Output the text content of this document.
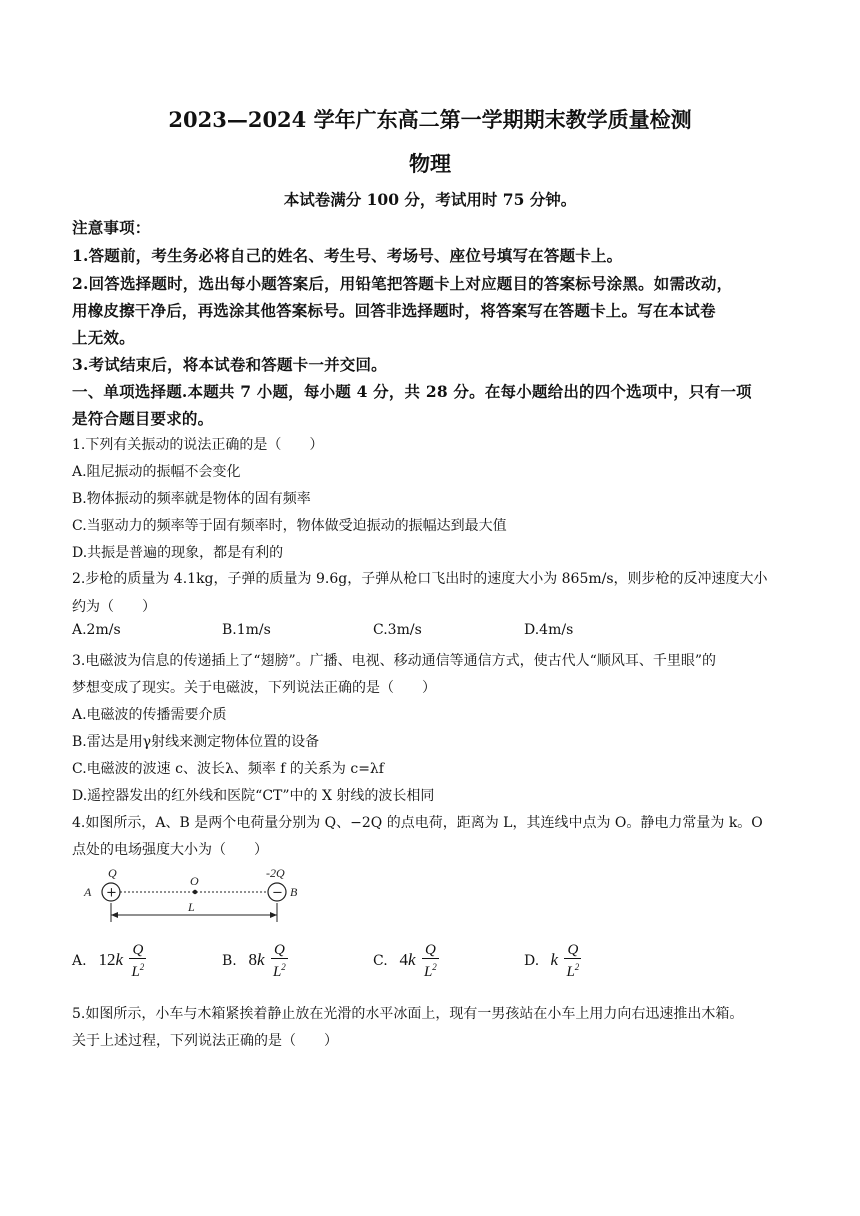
2023—2024 学年广东高二第一学期期末教学质量检测
物理
本试卷满分 100 分，考试用时 75 分钟。
注意事项：
1.答题前，考生务必将自己的姓名、考生号、考场号、座位号填写在答题卡上。
2.回答选择题时，选出每小题答案后，用铅笔把答题卡上对应题目的答案标号涂黑。如需改动，
用橡皮擦干净后，再选涂其他答案标号。回答非选择题时，将答案写在答题卡上。写在本试卷
上无效。
3.考试结束后，将本试卷和答题卡一并交回。
一、单项选择题.本题共 7 小题，每小题 4 分，共 28 分。在每小题给出的四个选项中，只有一项
是符合题目要求的。
1.下列有关振动的说法正确的是（　　）
A.阻尼振动的振幅不会变化
B.物体振动的频率就是物体的固有频率
C.当驱动力的频率等于固有频率时，物体做受迫振动的振幅达到最大值
D.共振是普遍的现象，都是有利的
2.步枪的质量为 4.1kg，子弹的质量为 9.6g，子弹从枪口飞出时的速度大小为 865m/s，则步枪的反冲速度大小
约为（　　）
A.2m/s	B.1m/s	C.3m/s	D.4m/s
3.电磁波为信息的传递插上了“翅膀”。广播、电视、移动通信等通信方式，使古代人“顺风耳、千里眼”的
梦想变成了现实。关于电磁波，下列说法正确的是（　　）
A.电磁波的传播需要介质
B.雷达是用γ射线来测定物体位置的设备
C.电磁波的波速 c、波长λ、频率 f 的关系为 c=λf
D.遥控器发出的红外线和医院“CT”中的 X 射线的波长相同
4.如图所示，A、B 是两个电荷量分别为 Q、−2Q 的点电荷，距离为 L，其连线中点为 O。静电力常量为 k。O
点处的电场强度大小为（　　）
Q	-2Q
A +
O
− B
L
A. $12k \frac{Q}{L^2}$	B. $8k \frac{Q}{L^2}$	C. $4k \frac{Q}{L^2}$	D. k $\frac{Q}{L^2}$
5.如图所示，小车与木箱紧挨着静止放在光滑的水平冰面上，现有一男孩站在小车上用力向右迅速推出木箱。
关于上述过程，下列说法正确的是（　　）
